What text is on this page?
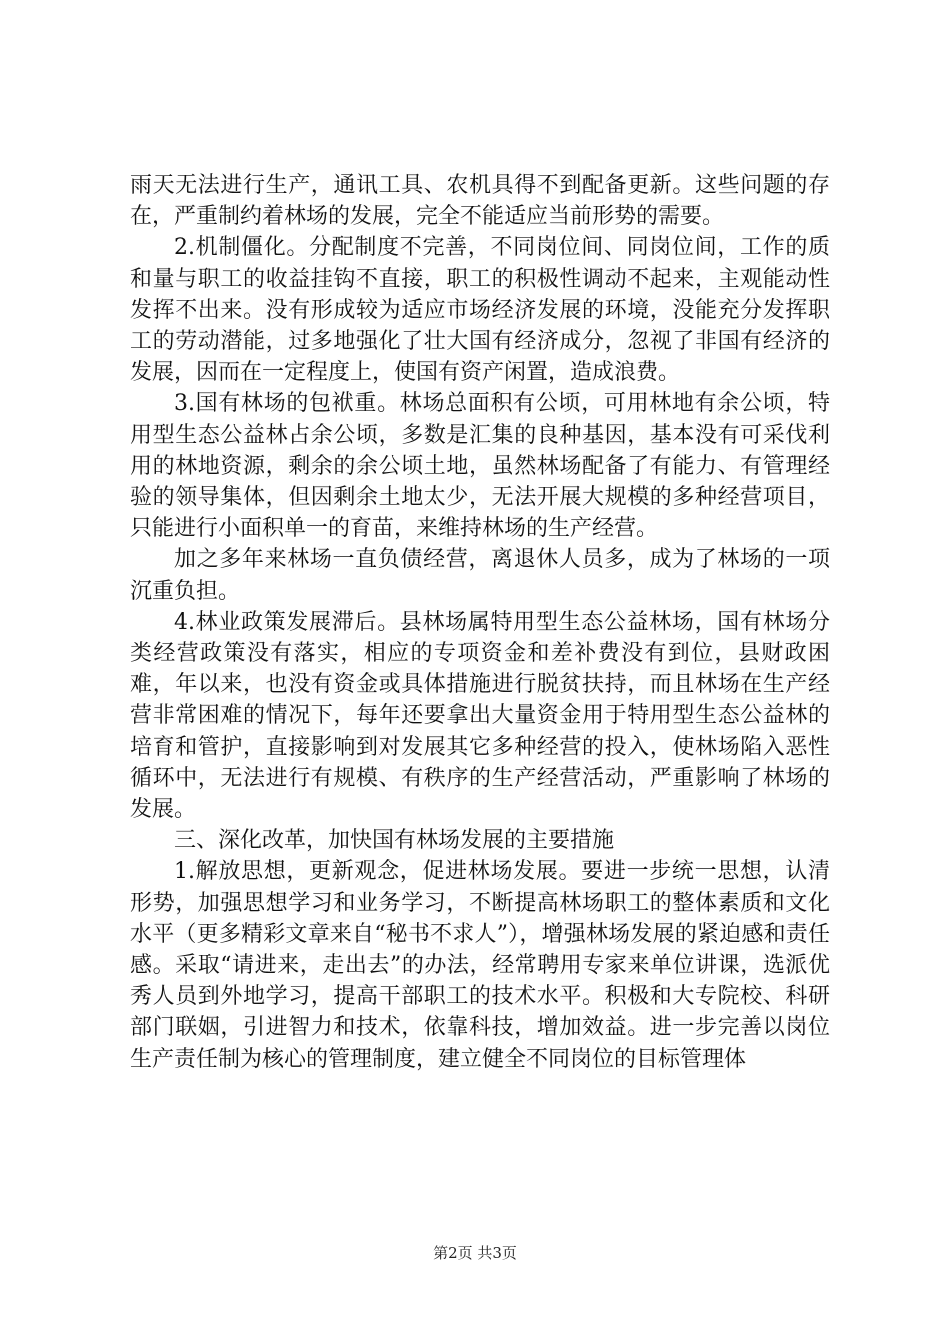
雨天无法进行生产，通讯工具、农机具得不到配备更新。这些问题的存在，严重制约着林场的发展，完全不能适应当前形势的需要。

2.机制僵化。分配制度不完善，不同岗位间、同岗位间，工作的质和量与职工的收益挂钩不直接，职工的积极性调动不起来，主观能动性发挥不出来。没有形成较为适应市场经济发展的环境，没能充分发挥职工的劳动潜能，过多地强化了壮大国有经济成分，忽视了非国有经济的发展，因而在一定程度上，使国有资产闲置，造成浪费。

3.国有林场的包袱重。林场总面积有公顷，可用林地有余公顷，特用型生态公益林占余公顷，多数是汇集的良种基因，基本没有可采伐利用的林地资源，剩余的余公顷土地，虽然林场配备了有能力、有管理经验的领导集体，但因剩余土地太少，无法开展大规模的多种经营项目，只能进行小面积单一的育苗，来维持林场的生产经营。

加之多年来林场一直负债经营，离退休人员多，成为了林场的一项沉重负担。

4.林业政策发展滞后。县林场属特用型生态公益林场，国有林场分类经营政策没有落实，相应的专项资金和差补费没有到位，县财政困难，年以来，也没有资金或具体措施进行脱贫扶持，而且林场在生产经营非常困难的情况下，每年还要拿出大量资金用于特用型生态公益林的培育和管护，直接影响到对发展其它多种经营的投入，使林场陷入恶性循环中，无法进行有规模、有秩序的生产经营活动，严重影响了林场的发展。

三、深化改革，加快国有林场发展的主要措施

1.解放思想，更新观念，促进林场发展。要进一步统一思想，认清形势，加强思想学习和业务学习，不断提高林场职工的整体素质和文化水平（更多精彩文章来自“秘书不求人”），增强林场发展的紧迫感和责任感。采取“请进来，走出去”的办法，经常聘用专家来单位讲课，选派优秀人员到外地学习，提高干部职工的技术水平。积极和大专院校、科研部门联姻，引进智力和技术，依靠科技，增加效益。进一步完善以岗位生产责任制为核心的管理制度，建立健全不同岗位的目标管理体

第2页 共3页
